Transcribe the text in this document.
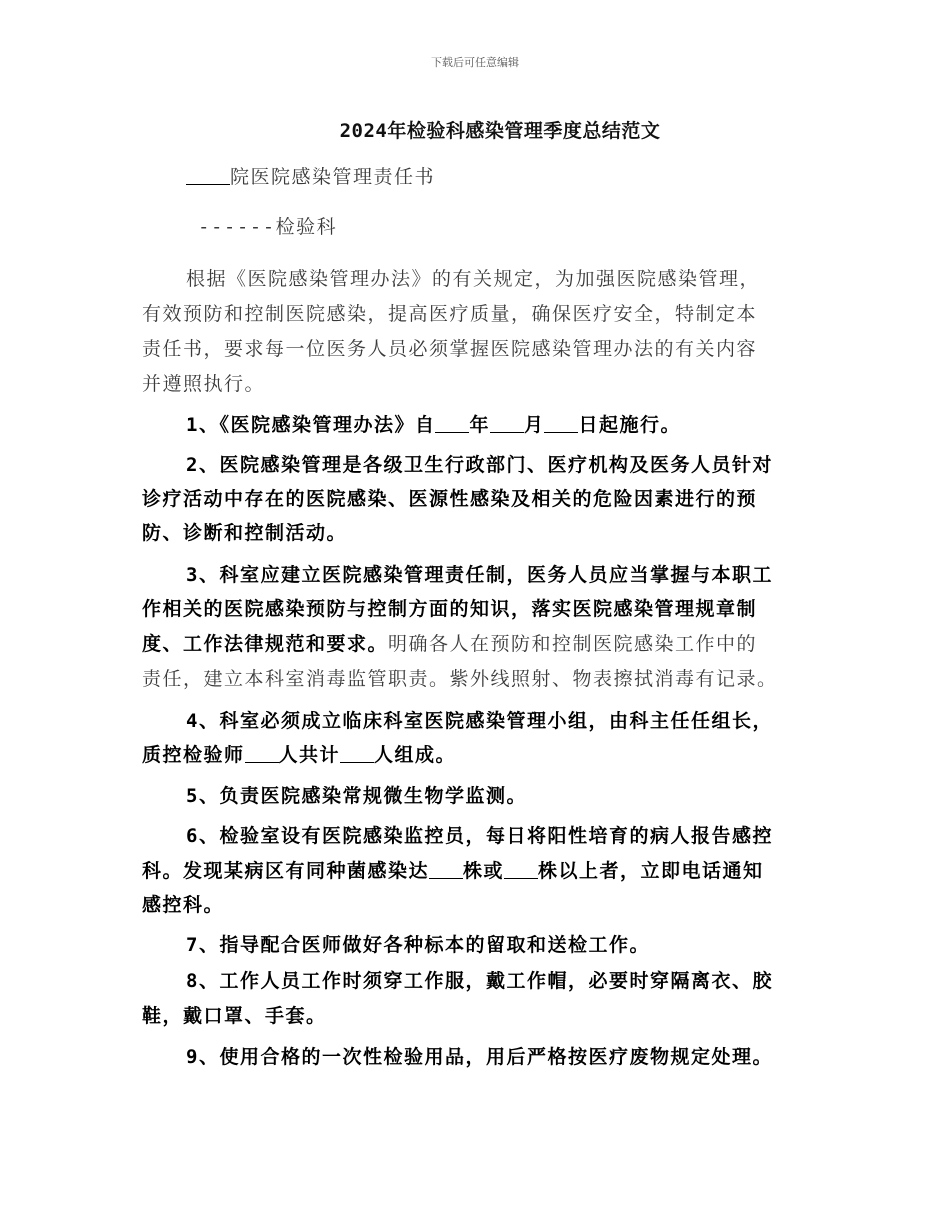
下载后可任意编辑
2024年检验科感染管理季度总结范文
院医院感染管理责任书
------检验科
根据《医院感染管理办法》的有关规定，为加强医院感染管理，
有效预防和控制医院感染，提高医疗质量，确保医疗安全，特制定本
责任书，要求每一位医务人员必须掌握医院感染管理办法的有关内容
并遵照执行。
1、《医院感染管理办法》自 年 月 日起施行。
2、医院感染管理是各级卫生行政部门、医疗机构及医务人员针对
诊疗活动中存在的医院感染、医源性感染及相关的危险因素进行的预
防、诊断和控制活动。
3、科室应建立医院感染管理责任制，医务人员应当掌握与本职工
作相关的医院感染预防与控制方面的知识，落实医院感染管理规章制
度、工作法律规范和要求。明确各人在预防和控制医院感染工作中的
责任，建立本科室消毒监管职责。紫外线照射、物表擦拭消毒有记录。
4、科室必须成立临床科室医院感染管理小组，由科主任任组长，
质控检验师 人共计 人组成。
5、负责医院感染常规微生物学监测。
6、检验室设有医院感染监控员，每日将阳性培育的病人报告感控
科。发现某病区有同种菌感染达 株或 株以上者，立即电话通知
感控科。
7、指导配合医师做好各种标本的留取和送检工作。
8、工作人员工作时须穿工作服，戴工作帽，必要时穿隔离衣、胶
鞋，戴口罩、手套。
9、使用合格的一次性检验用品，用后严格按医疗废物规定处理。
